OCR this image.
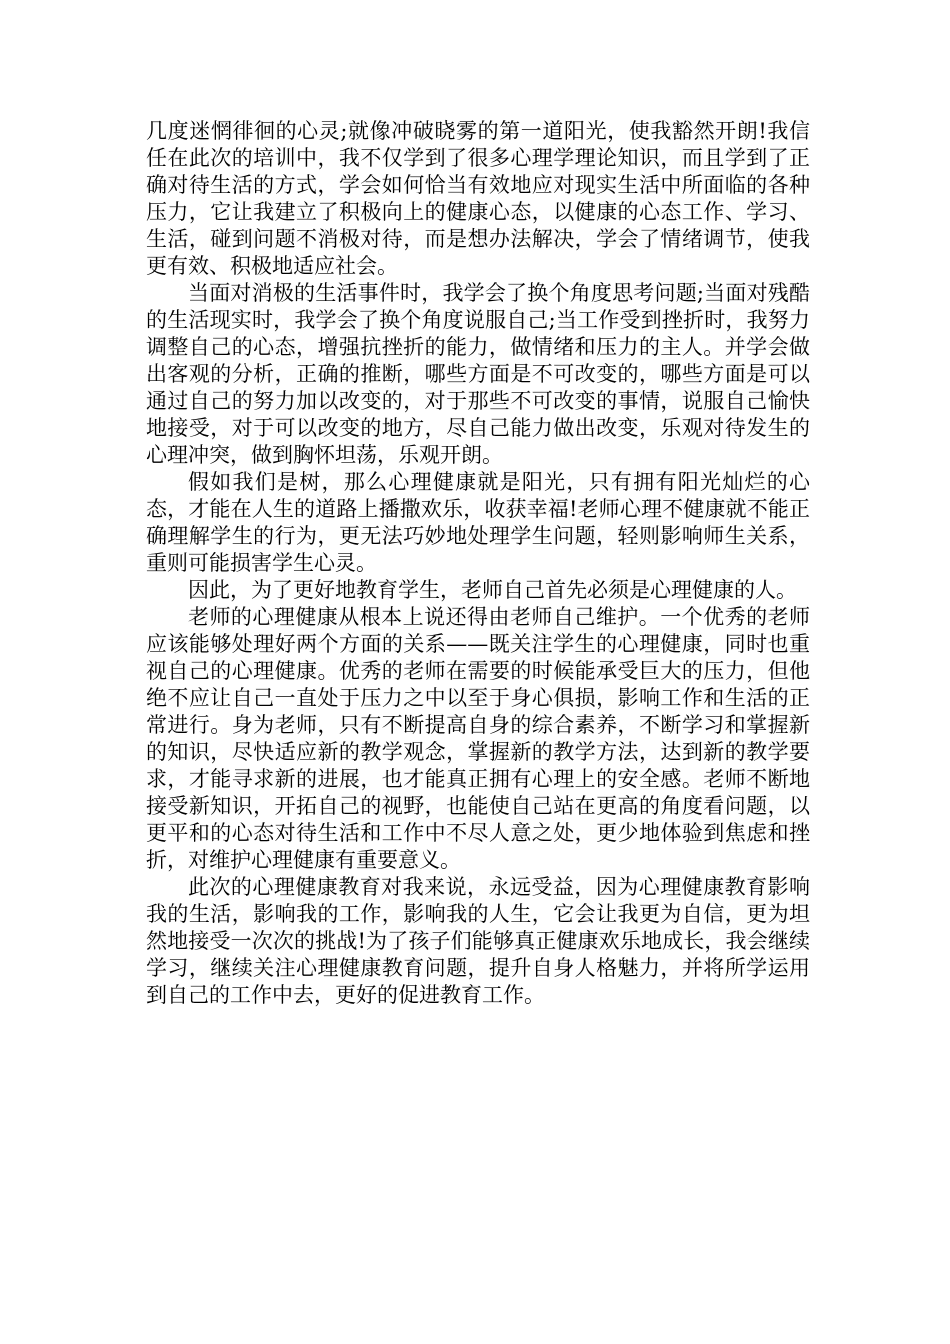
几度迷惘徘徊的心灵;就像冲破晓雾的第一道阳光，使我豁然开朗!我信任在此次的培训中，我不仅学到了很多心理学理论知识，而且学到了正确对待生活的方式，学会如何恰当有效地应对现实生活中所面临的各种压力，它让我建立了积极向上的健康心态，以健康的心态工作、学习、生活，碰到问题不消极对待，而是想办法解决，学会了情绪调节，使我更有效、积极地适应社会。

当面对消极的生活事件时，我学会了换个角度思考问题;当面对残酷的生活现实时，我学会了换个角度说服自己;当工作受到挫折时，我努力调整自己的心态，增强抗挫折的能力，做情绪和压力的主人。并学会做出客观的分析，正确的推断，哪些方面是不可改变的，哪些方面是可以通过自己的努力加以改变的，对于那些不可改变的事情，说服自己愉快地接受，对于可以改变的地方，尽自己能力做出改变，乐观对待发生的心理冲突，做到胸怀坦荡，乐观开朗。

假如我们是树，那么心理健康就是阳光，只有拥有阳光灿烂的心态，才能在人生的道路上播撒欢乐，收获幸福!老师心理不健康就不能正确理解学生的行为，更无法巧妙地处理学生问题，轻则影响师生关系，重则可能损害学生心灵。

因此，为了更好地教育学生，老师自己首先必须是心理健康的人。

老师的心理健康从根本上说还得由老师自己维护。一个优秀的老师应该能够处理好两个方面的关系——既关注学生的心理健康，同时也重视自己的心理健康。优秀的老师在需要的时候能承受巨大的压力，但他绝不应让自己一直处于压力之中以至于身心俱损，影响工作和生活的正常进行。身为老师，只有不断提高自身的综合素养，不断学习和掌握新的知识，尽快适应新的教学观念，掌握新的教学方法，达到新的教学要求，才能寻求新的进展，也才能真正拥有心理上的安全感。老师不断地接受新知识，开拓自己的视野，也能使自己站在更高的角度看问题，以更平和的心态对待生活和工作中不尽人意之处，更少地体验到焦虑和挫折，对维护心理健康有重要意义。

此次的心理健康教育对我来说，永远受益，因为心理健康教育影响我的生活，影响我的工作，影响我的人生，它会让我更为自信，更为坦然地接受一次次的挑战!为了孩子们能够真正健康欢乐地成长，我会继续学习，继续关注心理健康教育问题，提升自身人格魅力，并将所学运用到自己的工作中去，更好的促进教育工作。
